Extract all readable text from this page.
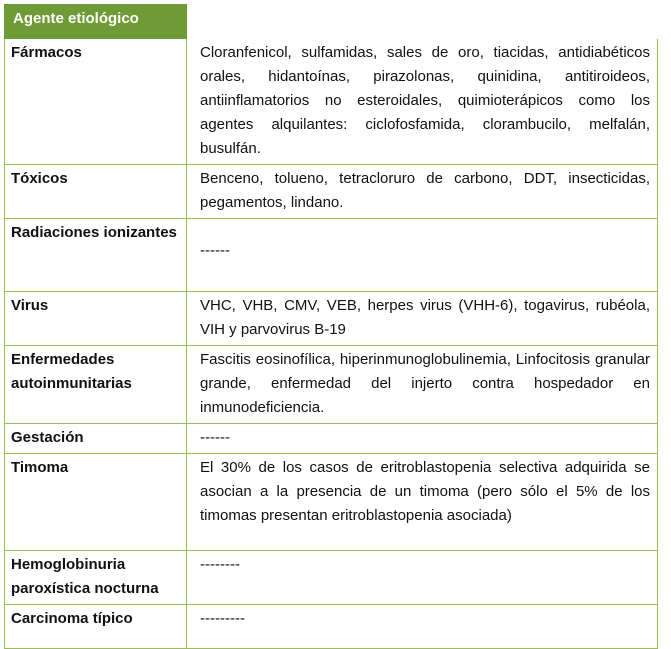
Agente etiológico	
Fármacos	Cloranfenicol, sulfamidas, sales de oro, tiacidas, antidiabéticos orales, hidantoínas, pirazolonas, quinidina, antitiroideos, antiinflamatorios no esteroidales, quimioterápicos como los agentes alquilantes: ciclofosfamida, clorambucilo, melfalán, busulfán.
Tóxicos	Benceno, tolueno, tetracloruro de carbono, DDT, insecticidas, pegamentos, lindano.
Radiaciones ionizantes	------
Virus	VHC, VHB, CMV, VEB, herpes virus (VHH-6), togavirus, rubéola, VIH y parvovirus B-19
Enfermedades autoinmunitarias	Fascitis eosinofílica, hiperinmunoglobulinemia, Linfocitosis granular grande, enfermedad del injerto contra hospedador en inmunodeficiencia.
Gestación	------
Timoma	El 30% de los casos de eritroblastopenia selectiva adquirida se asocian a la presencia de un timoma (pero sólo el 5% de los timomas presentan eritroblastopenia asociada)
Hemoglobinuria paroxística nocturna	--------
Carcinoma típico	---------
